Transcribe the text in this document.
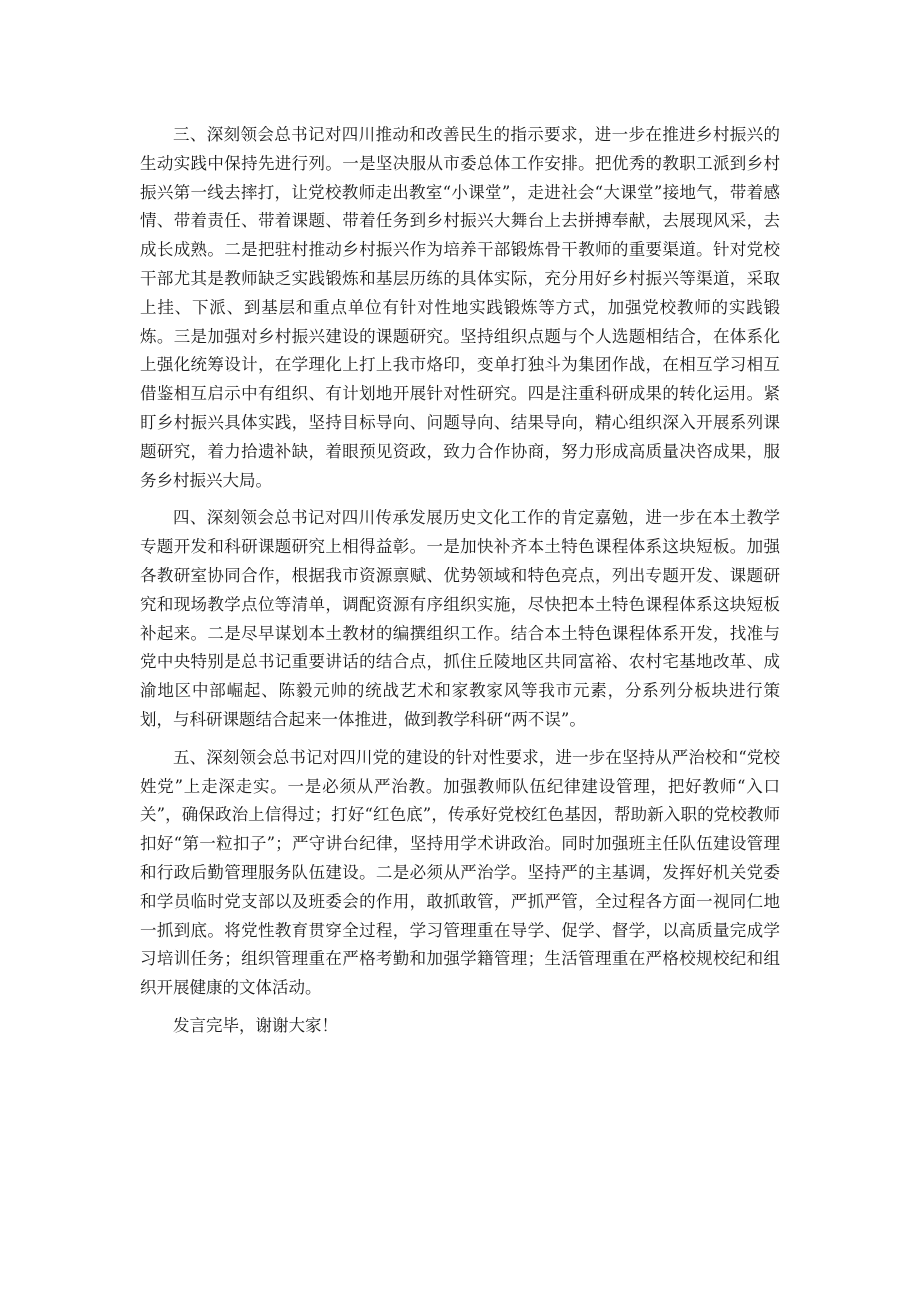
三、深刻领会总书记对四川推动和改善民生的指示要求，进一步在推进乡村振兴的生动实践中保持先进行列。一是坚决服从市委总体工作安排。把优秀的教职工派到乡村振兴第一线去摔打，让党校教师走出教室“小课堂”，走进社会“大课堂”接地气，带着感情、带着责任、带着课题、带着任务到乡村振兴大舞台上去拼搏奉献，去展现风采，去成长成熟。二是把驻村推动乡村振兴作为培养干部锻炼骨干教师的重要渠道。针对党校干部尤其是教师缺乏实践锻炼和基层历练的具体实际，充分用好乡村振兴等渠道，采取上挂、下派、到基层和重点单位有针对性地实践锻炼等方式，加强党校教师的实践锻炼。三是加强对乡村振兴建设的课题研究。坚持组织点题与个人选题相结合，在体系化上强化统筹设计，在学理化上打上我市烙印，变单打独斗为集团作战，在相互学习相互借鉴相互启示中有组织、有计划地开展针对性研究。四是注重科研成果的转化运用。紧盯乡村振兴具体实践，坚持目标导向、问题导向、结果导向，精心组织深入开展系列课题研究，着力拾遗补缺，着眼预见资政，致力合作协商，努力形成高质量决咨成果，服务乡村振兴大局。

四、深刻领会总书记对四川传承发展历史文化工作的肯定嘉勉，进一步在本土教学专题开发和科研课题研究上相得益彰。一是加快补齐本土特色课程体系这块短板。加强各教研室协同合作，根据我市资源禀赋、优势领域和特色亮点，列出专题开发、课题研究和现场教学点位等清单，调配资源有序组织实施，尽快把本土特色课程体系这块短板补起来。二是尽早谋划本土教材的编撰组织工作。结合本土特色课程体系开发，找准与党中央特别是总书记重要讲话的结合点，抓住丘陵地区共同富裕、农村宅基地改革、成渝地区中部崛起、陈毅元帅的统战艺术和家教家风等我市元素，分系列分板块进行策划，与科研课题结合起来一体推进，做到教学科研“两不误”。

五、深刻领会总书记对四川党的建设的针对性要求，进一步在坚持从严治校和“党校姓党”上走深走实。一是必须从严治教。加强教师队伍纪律建设管理，把好教师“入口关”，确保政治上信得过；打好“红色底”，传承好党校红色基因，帮助新入职的党校教师扣好“第一粒扣子”；严守讲台纪律，坚持用学术讲政治。同时加强班主任队伍建设管理和行政后勤管理服务队伍建设。二是必须从严治学。坚持严的主基调，发挥好机关党委和学员临时党支部以及班委会的作用，敢抓敢管，严抓严管，全过程各方面一视同仁地一抓到底。将党性教育贯穿全过程，学习管理重在导学、促学、督学，以高质量完成学习培训任务；组织管理重在严格考勤和加强学籍管理；生活管理重在严格校规校纪和组织开展健康的文体活动。

发言完毕，谢谢大家！
